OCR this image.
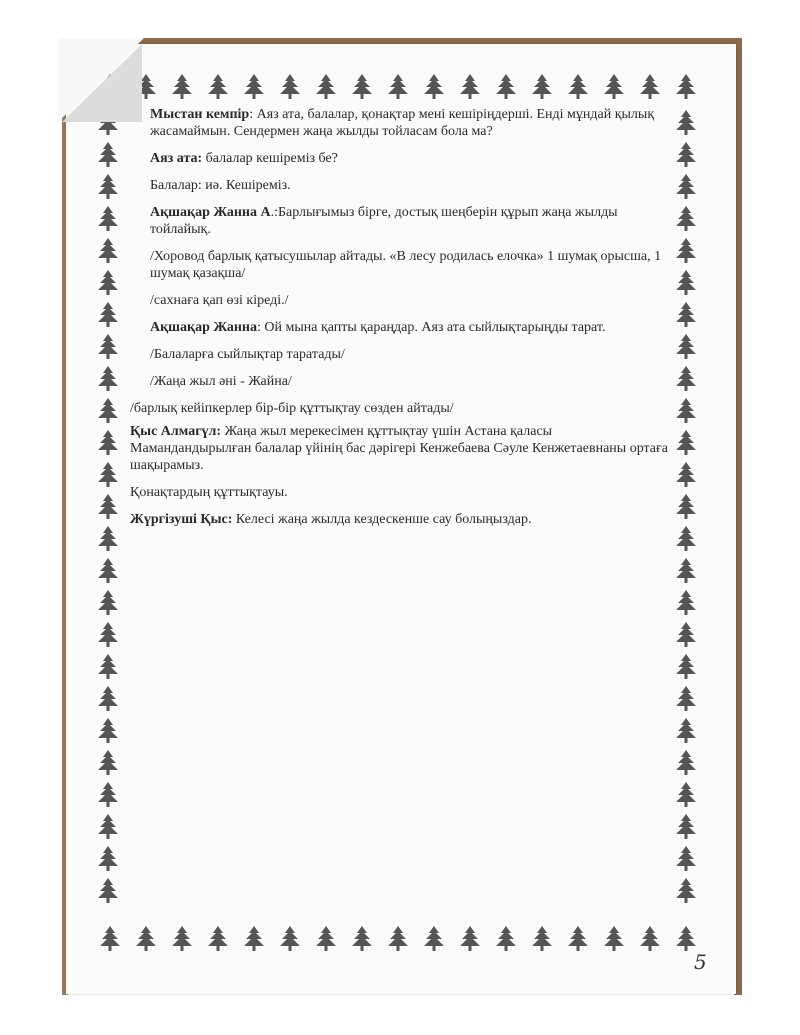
Мыстан кемпір: Аяз ата, балалар, қонақтар мені кешіріңдерші. Енді мұндай қылық жасамаймын. Сендермен жаңа жылды тойласам бола ма?

Аяз ата: балалар кешіреміз бе?

Балалар: иә. Кешіреміз.

Ақшақар Жанна А.:Барлығымыз бірге, достық шеңберін құрып жаңа жылды тойлайық.

/Хоровод барлық қатысушылар айтады. «В лесу родилась елочка» 1 шумақ орысша, 1 шумақ қазақша/

/сахнаға қап өзі кіреді./

Ақшақар Жанна: Ой мына қапты қараңдар. Аяз ата сыйлықтарыңды тарат.

/Балаларға сыйлықтар таратады/

/Жаңа жыл әні - Жайна/

/барлық кейіпкерлер бір-бір құттықтау сөзден айтады/

Қыс Алмагүл: Жаңа жыл мерекесімен құттықтау үшін Астана қаласы Мамандандырылған балалар үйінің бас дәрігері Кенжебаева Сәуле Кенжетаевнаны ортаға шақырамыз.

Қонақтардың құттықтауы.

Жүргізуші Қыс: Келесі жаңа жылда кездескенше сау болыңыздар.

5
